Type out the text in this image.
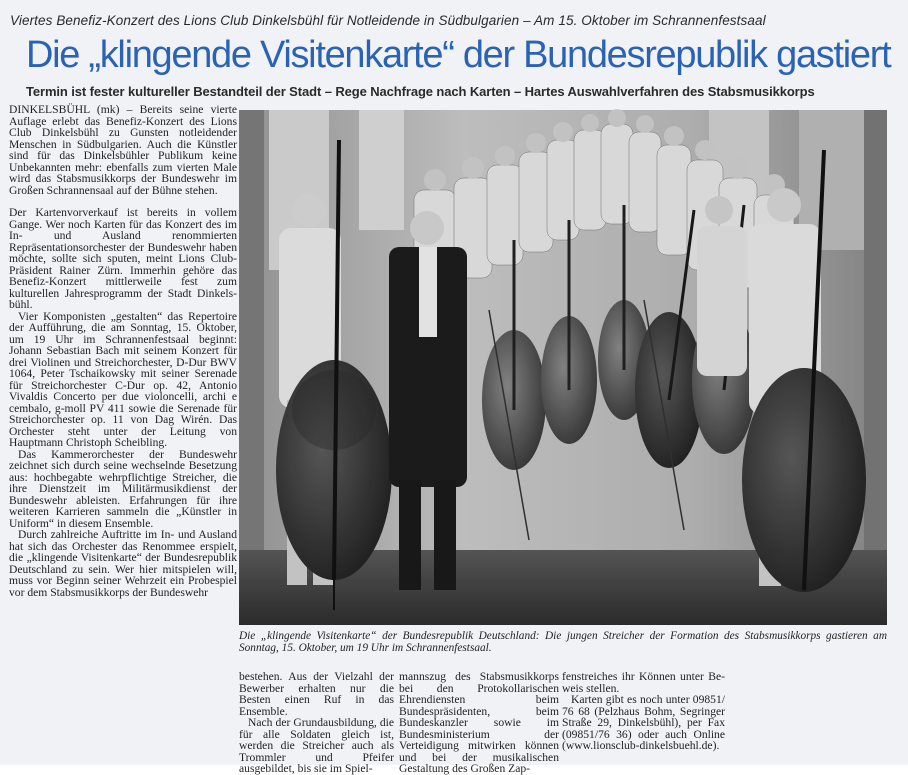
Viertes Benefiz-Konzert des Lions Club Dinkelsbühl für Notleidende in Südbulgarien – Am 15. Oktober im Schrannenfestsaal
Die „klingende Visitenkarte“ der Bundesrepublik gastiert
Termin ist fester kultureller Bestandteil der Stadt – Rege Nachfrage nach Karten – Hartes Auswahlverfahren des Stabsmusikkorps

DINKELSBÜHL (mk) – Bereits seine vierte Auflage erlebt das Benefiz-Konzert des Lions Club Dinkelsbühl zu Gunsten notleidender Menschen in Südbulgarien. Auch die Künstler sind für das Dinkelsbühler Publikum keine Unbekannten mehr: ebenfalls zum vierten Male wird das Stabsmusikkorps der Bundeswehr im Großen Schrannensaal auf der Bühne stehen.

Der Kartenvorverkauf ist bereits in vollem Gange. Wer noch Karten für das Konzert des im In- und Ausland renommierten Repräsentationsorchester der Bundeswehr haben möchte, sollte sich sputen, meint Lions Club-Präsident Rainer Zürn. Immerhin gehöre das Benefiz-Konzert mittlerweile fest zum kulturellen Jahresprogramm der Stadt Dinkelsbühl.

Vier Komponisten „gestalten“ das Repertoire der Aufführung, die am Sonntag, 15. Oktober, um 19 Uhr im Schrannenfestsaal beginnt: Johann Sebastian Bach mit seinem Konzert für drei Violinen und Streichorchester, D-Dur BWV 1064, Peter Tschaikowsky mit seiner Serenade für Streichorchester C-Dur op. 42, Antonio Vivaldis Concerto per due violoncelli, archi e cembalo, g-moll PV 411 sowie die Serenade für Streichorchester op. 11 von Dag Wirén. Das Orchester steht unter der Leitung von Hauptmann Christoph Scheibling.

Das Kammerorchester der Bundeswehr zeichnet sich durch seine wechselnde Besetzung aus: hochbegabte wehrpflichtige Streicher, die ihre Dienstzeit im Militärmusikdienst der Bundeswehr ableisten. Erfahrungen für ihre weiteren Karrieren sammeln die „Künstler in Uniform“ in diesem Ensemble.

Durch zahlreiche Auftritte im In- und Ausland hat sich das Orchester das Renommee erspielt, die „klingende Visitenkarte“ der Bundesrepublik Deutschland zu sein. Wer hier mitspielen will, muss vor Beginn seiner Wehrzeit ein Probespiel vor dem Stabsmusikkorps der Bundeswehr

Die „klingende Visitenkarte“ der Bundesrepublik Deutschland: Die jungen Streicher der Formation des Stabsmusikkorps gastieren am Sonntag, 15. Oktober, um 19 Uhr im Schrannenfestsaal.

bestehen. Aus der Vielzahl der Bewerber erhalten nur die Besten einen Ruf in das Ensemble.

Nach der Grundausbildung, die für alle Soldaten gleich ist, werden die Streicher auch als Trommler und Pfeifer ausgebildet, bis sie im Spiel-

mannszug des Stabsmusikkorps bei den Protokollarischen Ehrendiensten beim Bundespräsidenten, beim Bundeskanzler sowie im Bundesministerium der Verteidigung mitwirken können und bei der musikalischen Gestaltung des Großen Zap-

fenstreiches ihr Können unter Beweis stellen.

Karten gibt es noch unter 09851/ 76 68 (Pelzhaus Bohm, Segringer Straße 29, Dinkelsbühl), per Fax (09851/76 36) oder auch Online (www.lionsclub-dinkelsbuehl.de).
